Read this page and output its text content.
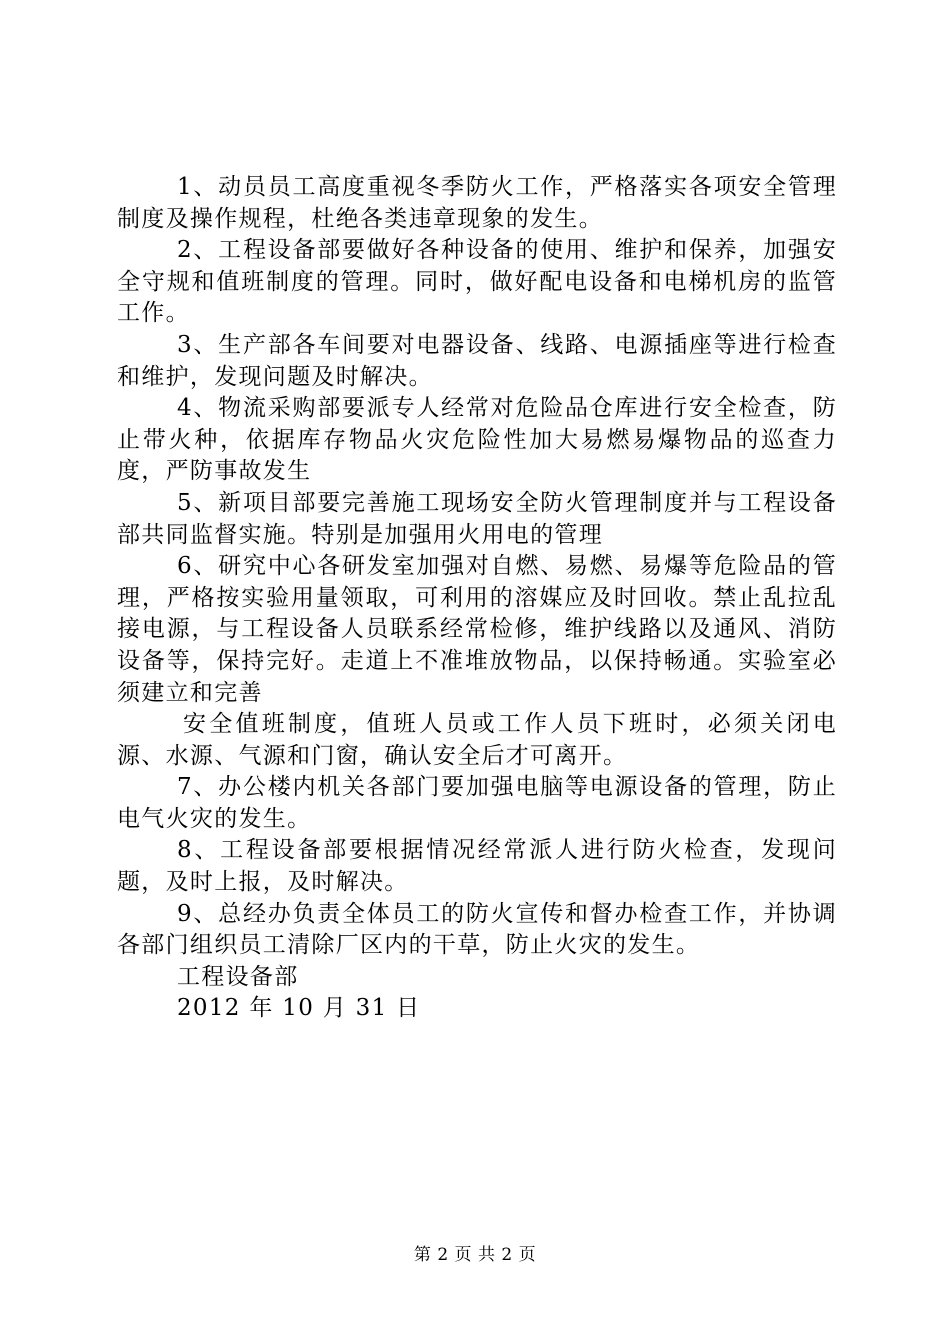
1、动员员工高度重视冬季防火工作，严格落实各项安全管理制度及操作规程，杜绝各类违章现象的发生。

2、工程设备部要做好各种设备的使用、维护和保养，加强安全守规和值班制度的管理。同时，做好配电设备和电梯机房的监管工作。

3、生产部各车间要对电器设备、线路、电源插座等进行检查和维护，发现问题及时解决。

4、物流采购部要派专人经常对危险品仓库进行安全检查，防止带火种，依据库存物品火灾危险性加大易燃易爆物品的巡查力度，严防事故发生

5、新项目部要完善施工现场安全防火管理制度并与工程设备部共同监督实施。特别是加强用火用电的管理

6、研究中心各研发室加强对自燃、易燃、易爆等危险品的管理，严格按实验用量领取，可利用的溶媒应及时回收。禁止乱拉乱接电源，与工程设备人员联系经常检修，维护线路以及通风、消防设备等，保持完好。走道上不准堆放物品，以保持畅通。实验室必须建立和完善

安全值班制度，值班人员或工作人员下班时，必须关闭电源、水源、气源和门窗，确认安全后才可离开。

7、办公楼内机关各部门要加强电脑等电源设备的管理，防止电气火灾的发生。

8、工程设备部要根据情况经常派人进行防火检查，发现问题，及时上报，及时解决。

9、总经办负责全体员工的防火宣传和督办检查工作，并协调各部门组织员工清除厂区内的干草，防止火灾的发生。

工程设备部

2012 年 10 月 31 日

第 2 页 共 2 页
